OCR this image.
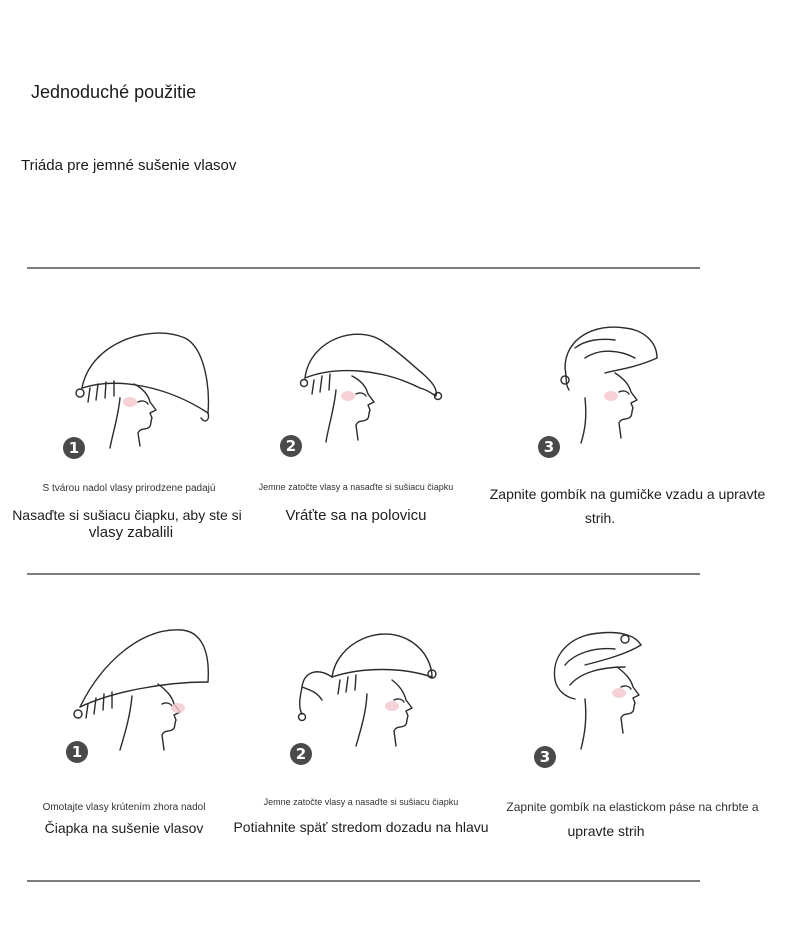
Jednoduché použitie
Triáda pre jemné sušenie vlasov
1
S tvárou nadol vlasy prirodzene padajú
Nasaďte si sušiacu čiapku, aby ste si
vlasy zabalili
2
Jemne zatočte vlasy a nasaďte si sušiacu čiapku
Vráťte sa na polovicu
3
Zapnite gombík na gumičke vzadu a upravte
strih.
1
Omotajte vlasy krútením zhora nadol
Čiapka na sušenie vlasov
2
Jemne zatočte vlasy a nasaďte si sušiacu čiapku
Potiahnite späť stredom dozadu na hlavu
3
Zapnite gombík na elastickom páse na chrbte a
upravte strih
